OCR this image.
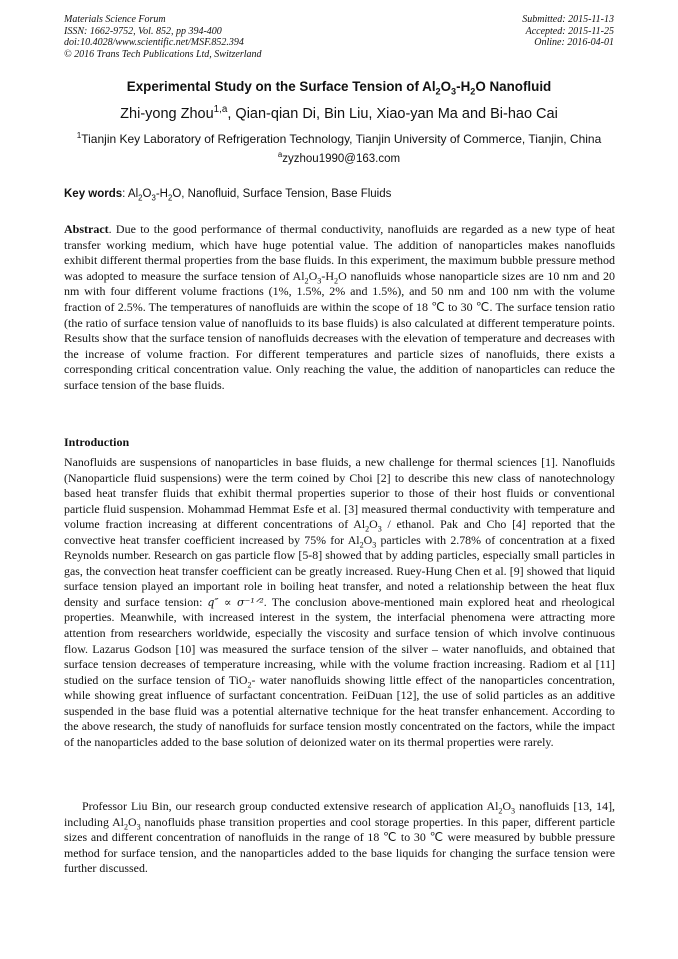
Materials Science Forum
ISSN: 1662-9752, Vol. 852, pp 394-400
doi:10.4028/www.scientific.net/MSF.852.394
© 2016 Trans Tech Publications Ltd, Switzerland
Submitted: 2015-11-13
Accepted: 2015-11-25
Online: 2016-04-01
Experimental Study on the Surface Tension of $Al_2O_3-H_2O$ Nanofluid
Zhi-yong Zhou$^{1,a}$, Qian-qian Di, Bin Liu, Xiao-yan Ma and Bi-hao Cai
$^1$Tianjin Key Laboratory of Refrigeration Technology, Tianjin University of Commerce, Tianjin, China
$^a$zyzhou1990@163.com
Key words: $Al_2O_3-H_2O$, Nanofluid, Surface Tension, Base Fluids

Abstract. Due to the good performance of thermal conductivity, nanofluids are regarded as a new type of heat transfer working medium, which have huge potential value. The addition of nanoparticles makes nanofluids exhibit different thermal properties from the base fluids. In this experiment, the maximum bubble pressure method was adopted to measure the surface tension of $Al_2O_3-H_2O$ nanofluids whose nanoparticle sizes are 10 nm and 20 nm with four different volume fractions (1%, 1.5%, 2% and 1.5%), and 50 nm and 100 nm with the volume fraction of 2.5%. The temperatures of nanofluids are within the scope of 18 ℃ to 30 ℃. The surface tension ratio (the ratio of surface tension value of nanofluids to its base fluids) is also calculated at different temperature points. Results show that the surface tension of nanofluids decreases with the elevation of temperature and decreases with the increase of volume fraction. For different temperatures and particle sizes of nanofluids, there exists a corresponding critical concentration value. Only reaching the value, the addition of nanoparticles can reduce the surface tension of the base fluids.

Introduction

Nanofluids are suspensions of nanoparticles in base fluids, a new challenge for thermal sciences [1]. Nanofluids (Nanoparticle fluid suspensions) were the term coined by Choi [2] to describe this new class of nanotechnology based heat transfer fluids that exhibit thermal properties superior to those of their host fluids or conventional particle fluid suspension. Mohammad Hemmat Esfe et al. [3] measured thermal conductivity with temperature and volume fraction increasing at different concentrations of $Al_2O_3$ / ethanol. Pak and Cho [4] reported that the convective heat transfer coefficient increased by 75% for $Al_2O_3$ particles with 2.78% of concentration at a fixed Reynolds number. Research on gas particle flow [5-8] showed that by adding particles, especially small particles in gas, the convection heat transfer coefficient can be greatly increased. Ruey-Hung Chen et al. [9] showed that liquid surface tension played an important role in boiling heat transfer, and noted a relationship between the heat flux density and surface tension: q″ ∝ σ⁻¹ᐟ². The conclusion above-mentioned main explored heat and rheological properties. Meanwhile, with increased interest in the system, the interfacial phenomena were attracting more attention from researchers worldwide, especially the viscosity and surface tension of which involve continuous flow. Lazarus Godson [10] was measured the surface tension of the silver – water nanofluids, and obtained that surface tension decreases of temperature increasing, while with the volume fraction increasing. Radiom et al [11] studied on the surface tension of TiO$_2$- water nanofluids showing little effect of the nanoparticles concentration, while showing great influence of surfactant concentration. FeiDuan [12], the use of solid particles as an additive suspended in the base fluid was a potential alternative technique for the heat transfer enhancement. According to the above research, the study of nanofluids for surface tension mostly concentrated on the factors, while the impact of the nanoparticles added to the base solution of deionized water on its thermal properties were rarely.

Professor Liu Bin, our research group conducted extensive research of application $Al_2O_3$ nanofluids [13, 14], including $Al_2O_3$ nanofluids phase transition properties and cool storage properties. In this paper, different particle sizes and different concentration of nanofluids in the range of 18 ℃ to 30 ℃ were measured by bubble pressure method for surface tension, and the nanoparticles added to the base liquids for changing the surface tension were further discussed.
